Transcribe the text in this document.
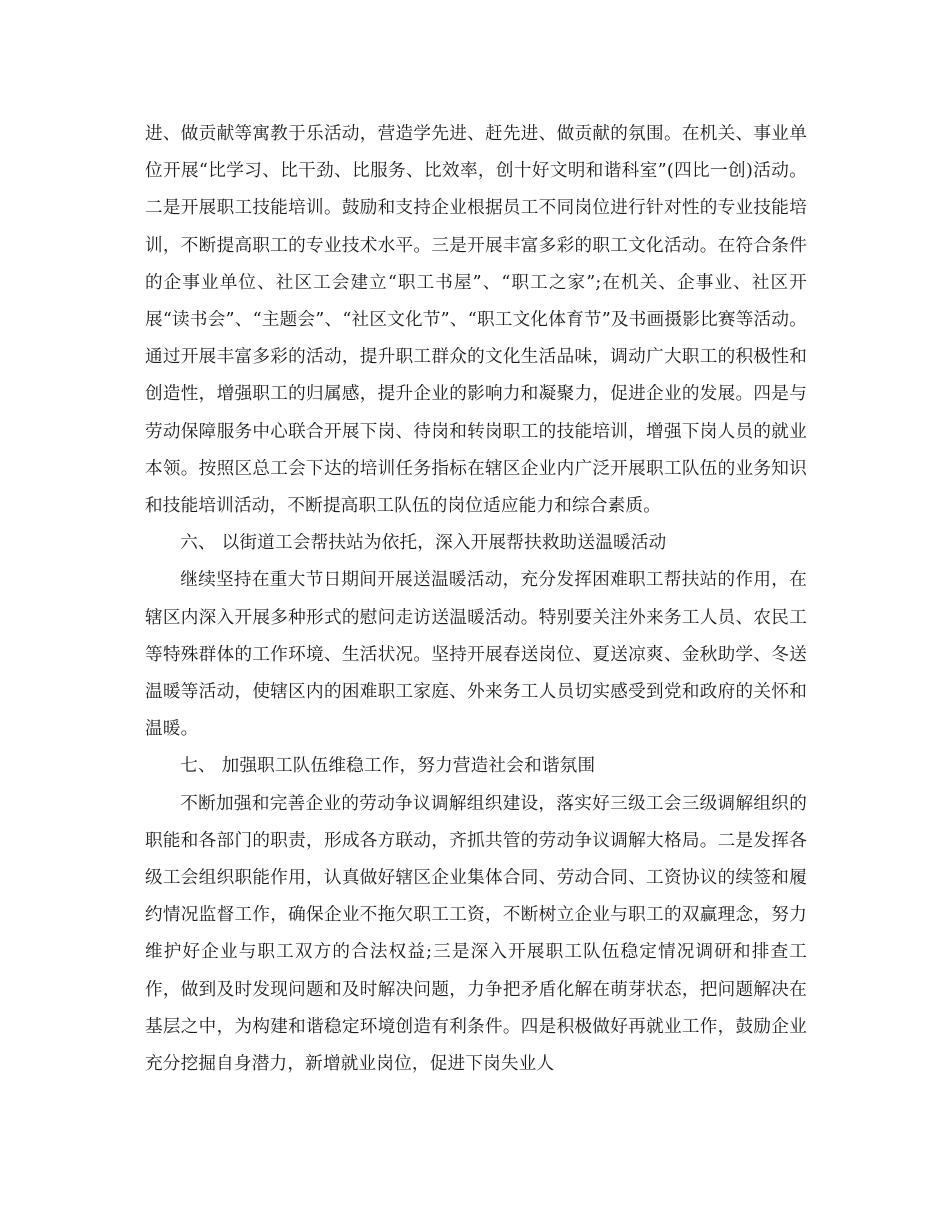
进、做贡献等寓教于乐活动，营造学先进、赶先进、做贡献的氛围。在机关、事业单位开展“比学习、比干劲、比服务、比效率，创十好文明和谐科室”(四比一创)活动。二是开展职工技能培训。鼓励和支持企业根据员工不同岗位进行针对性的专业技能培训，不断提高职工的专业技术水平。三是开展丰富多彩的职工文化活动。在符合条件的企事业单位、社区工会建立“职工书屋”、“职工之家”;在机关、企事业、社区开展“读书会”、“主题会”、“社区文化节”、“职工文化体育节”及书画摄影比赛等活动。通过开展丰富多彩的活动，提升职工群众的文化生活品味，调动广大职工的积极性和创造性，增强职工的归属感，提升企业的影响力和凝聚力，促进企业的发展。四是与劳动保障服务中心联合开展下岗、待岗和转岗职工的技能培训，增强下岗人员的就业本领。按照区总工会下达的培训任务指标在辖区企业内广泛开展职工队伍的业务知识和技能培训活动，不断提高职工队伍的岗位适应能力和综合素质。

六、 以街道工会帮扶站为依托，深入开展帮扶救助送温暖活动

继续坚持在重大节日期间开展送温暖活动，充分发挥困难职工帮扶站的作用，在辖区内深入开展多种形式的慰问走访送温暖活动。特别要关注外来务工人员、农民工等特殊群体的工作环境、生活状况。坚持开展春送岗位、夏送凉爽、金秋助学、冬送温暖等活动，使辖区内的困难职工家庭、外来务工人员切实感受到党和政府的关怀和温暖。

七、 加强职工队伍维稳工作，努力营造社会和谐氛围

不断加强和完善企业的劳动争议调解组织建设，落实好三级工会三级调解组织的职能和各部门的职责，形成各方联动，齐抓共管的劳动争议调解大格局。二是发挥各级工会组织职能作用，认真做好辖区企业集体合同、劳动合同、工资协议的续签和履约情况监督工作，确保企业不拖欠职工工资，不断树立企业与职工的双赢理念，努力维护好企业与职工双方的合法权益;三是深入开展职工队伍稳定情况调研和排查工作，做到及时发现问题和及时解决问题，力争把矛盾化解在萌芽状态，把问题解决在基层之中，为构建和谐稳定环境创造有利条件。四是积极做好再就业工作，鼓励企业充分挖掘自身潜力，新增就业岗位，促进下岗失业人
